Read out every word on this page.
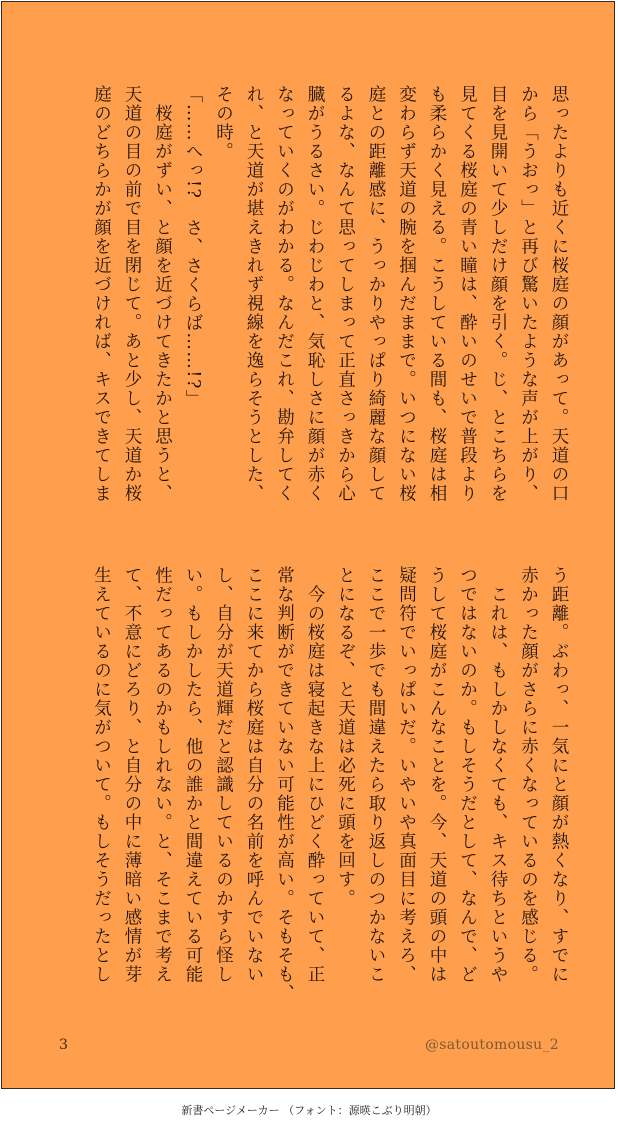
思ったよりも近くに桜庭の顔があって。天道の口
から「うおっ」と再び驚いたような声が上がり、
目を見開いて少しだけ顔を引く。じ、とこちらを
見てくる桜庭の青い瞳は、酔いのせいで普段より
も柔らかく見える。こうしている間も、桜庭は相
変わらず天道の腕を掴んだままで。いつにない桜
庭との距離感に、うっかりやっぱり綺麗な顔して
るよな、なんて思ってしまって正直さっきから心
臓がうるさい。じわじわと、気恥しさに顔が赤く
なっていくのがわかる。なんだこれ、勘弁してく
れ、と天道が堪えきれず視線を逸らそうとした、
その時。
「……へっ!?　さ、さくらば……!?」
　桜庭がずい、と顔を近づけてきたかと思うと、
天道の目の前で目を閉じて。あと少し、天道か桜
庭のどちらかが顔を近づければ、キスできてしま
う距離。ぶわっ、一気にと顔が熱くなり、すでに
赤かった顔がさらに赤くなっているのを感じる。
　これは、もしかしなくても、キス待ちというや
つではないのか。もしそうだとして、なんで、ど
うして桜庭がこんなことを。今、天道の頭の中は
疑問符でいっぱいだ。いやいや真面目に考えろ、
ここで一歩でも間違えたら取り返しのつかないこ
とになるぞ、と天道は必死に頭を回す。
　今の桜庭は寝起きな上にひどく酔っていて、正
常な判断ができていない可能性が高い。そもそも、
ここに来てから桜庭は自分の名前を呼んでいない
し、自分が天道輝だと認識しているのかすら怪し
い。もしかしたら、他の誰かと間違えている可能
性だってあるのかもしれない。と、そこまで考え
て、不意にどろり、と自分の中に薄暗い感情が芽
生えているのに気がついて。もしそうだったとし
3	@satoutomousu_2
新書ページメーカー （フォント：源暎こぶり明朝）
